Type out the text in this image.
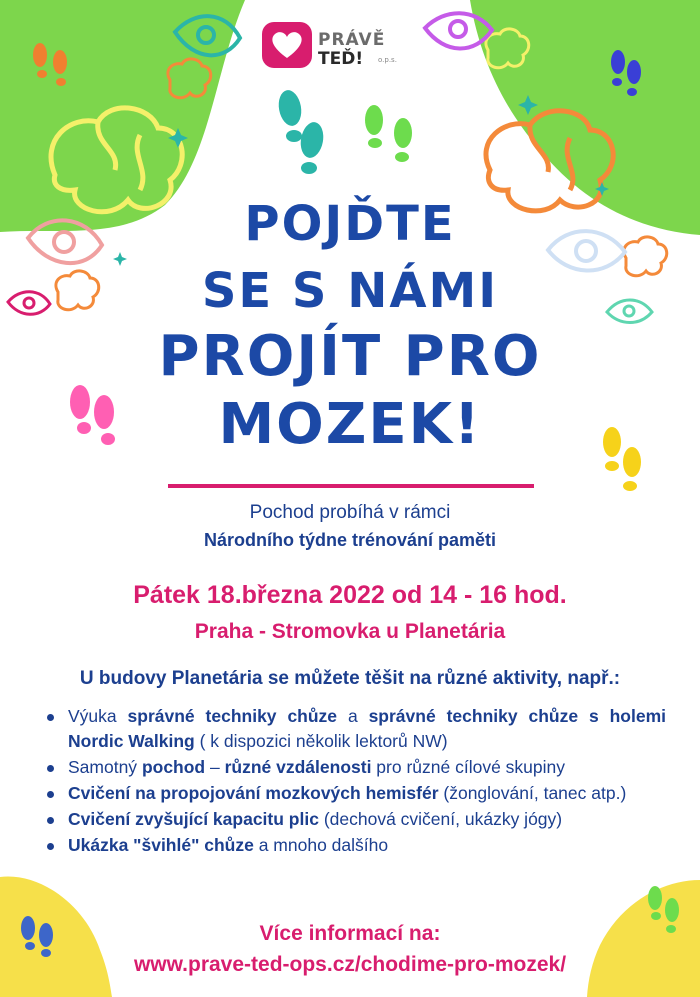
PRÁVĚ
TEĎ! o.p.s.
POJĎTE
SE S NÁMI
PROJÍT PRO
MOZEK!
Pochod probíhá v rámci
Národního týdne trénování paměti
Pátek 18.března 2022 od 14 - 16 hod.
Praha - Stromovka u Planetária
U budovy Planetária se můžete těšit na různé aktivity, např.:
Výuka správné techniky chůze a správné techniky chůze s holemi Nordic Walking ( k dispozici několik lektorů NW)
Samotný pochod – různé vzdálenosti pro různé cílové skupiny
Cvičení na propojování mozkových hemisfér (žonglování, tanec atp.)
Cvičení zvyšující kapacitu plic (dechová cvičení, ukázky jógy)
Ukázka "švihlé" chůze a mnoho dalšího
Více informací na:
www.prave-ted-ops.cz/chodime-pro-mozek/
